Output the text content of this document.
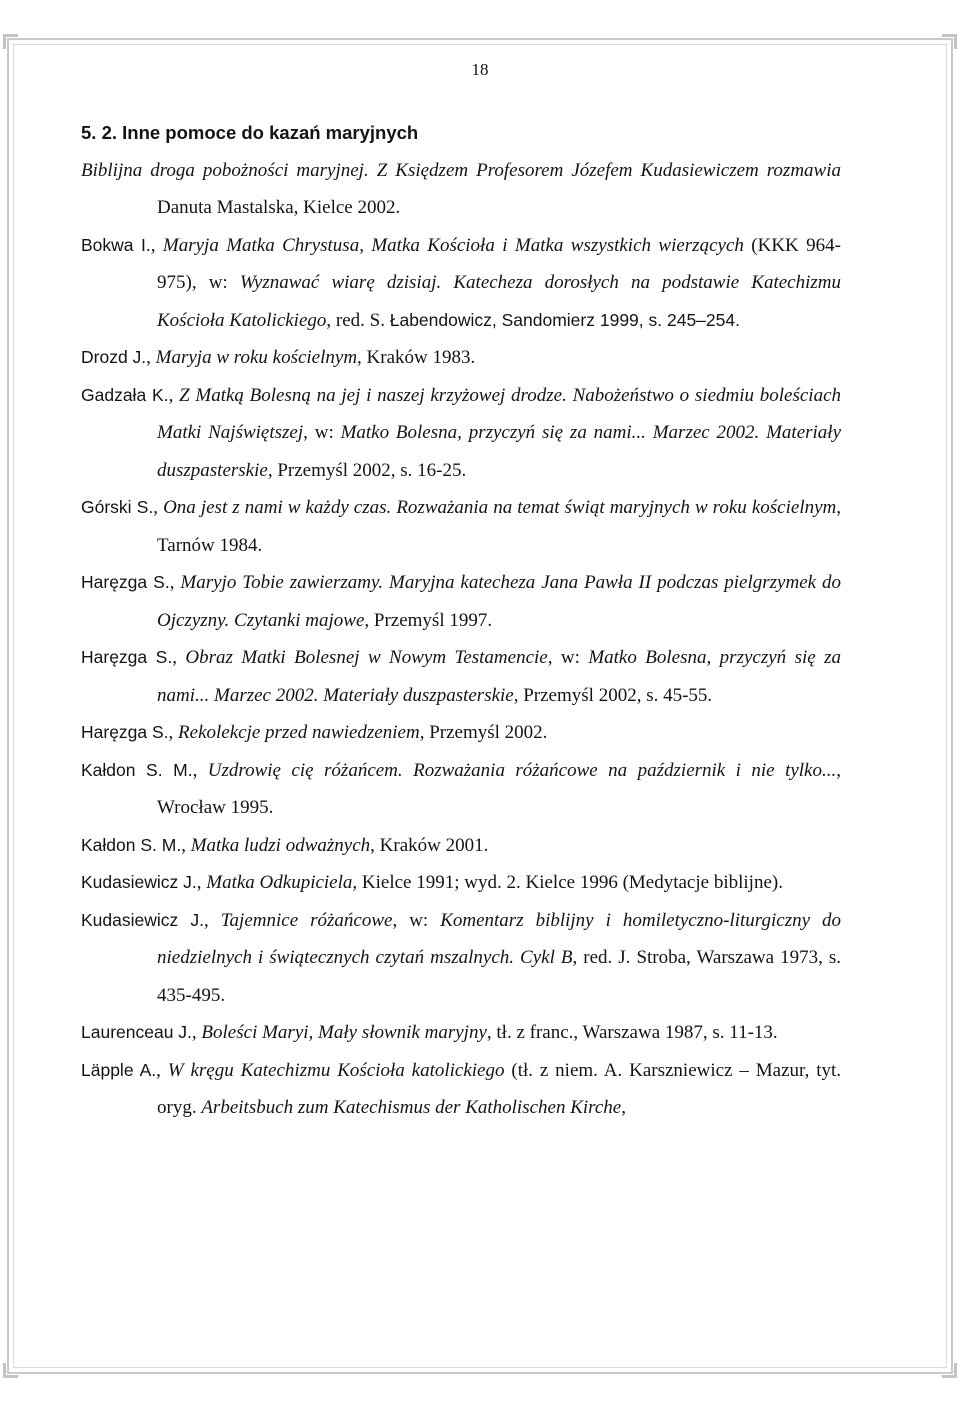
18

5. 2. Inne pomoce do kazań maryjnych

Biblijna droga pobożności maryjnej. Z Księdzem Profesorem Józefem Kudasiewiczem rozmawia Danuta Mastalska, Kielce 2002.

Bokwa I., Maryja Matka Chrystusa, Matka Kościoła i Matka wszystkich wierzących (KKK 964-975), w: Wyznawać wiarę dzisiaj. Katecheza dorosłych na podstawie Katechizmu Kościoła Katolickiego, red. S. Łabendowicz, Sandomierz 1999, s. 245–254.

Drozd J., Maryja w roku kościelnym, Kraków 1983.

Gadzała K., Z Matką Bolesną na jej i naszej krzyżowej drodze. Nabożeństwo o siedmiu boleściach Matki Najświętszej, w: Matko Bolesna, przyczyń się za nami... Marzec 2002. Materiały duszpasterskie, Przemyśl 2002, s. 16-25.

Górski S., Ona jest z nami w każdy czas. Rozważania na temat świąt maryjnych w roku kościelnym, Tarnów 1984.

Haręzga S., Maryjo Tobie zawierzamy. Maryjna katecheza Jana Pawła II podczas pielgrzymek do Ojczyzny. Czytanki majowe, Przemyśl 1997.

Haręzga S., Obraz Matki Bolesnej w Nowym Testamencie, w: Matko Bolesna, przyczyń się za nami... Marzec 2002. Materiały duszpasterskie, Przemyśl 2002, s. 45-55.

Haręzga S., Rekolekcje przed nawiedzeniem, Przemyśl 2002.

Kałdon S. M., Uzdrowię cię różańcem. Rozważania różańcowe na październik i nie tylko..., Wrocław 1995.

Kałdon S. M., Matka ludzi odważnych, Kraków 2001.

Kudasiewicz J., Matka Odkupiciela, Kielce 1991; wyd. 2. Kielce 1996 (Medytacje biblijne).

Kudasiewicz J., Tajemnice różańcowe, w: Komentarz biblijny i homiletyczno-liturgiczny do niedzielnych i świątecznych czytań mszalnych. Cykl B, red. J. Stroba, Warszawa 1973, s. 435-495.

Laurenceau J., Boleści Maryi, Mały słownik maryjny, tł. z franc., Warszawa 1987, s. 11-13.

Läpple A., W kręgu Katechizmu Kościoła katolickiego (tł. z niem. A. Karszniewicz – Mazur, tyt. oryg. Arbeitsbuch zum Katechismus der Katholischen Kirche,
